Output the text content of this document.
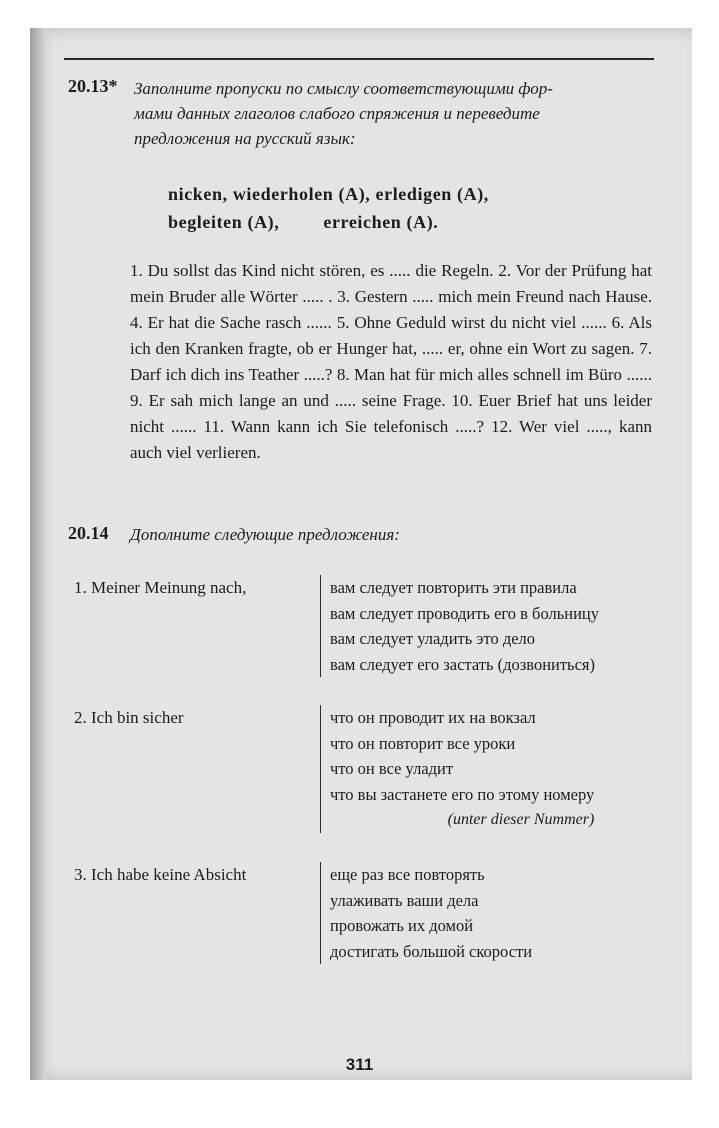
20.13* Заполните пропуски по смыслу соответствующими фор-
мами данных глаголов слабого спряжения и переведите
предложения на русский язык:
nicken,
wiederholen (A),
erledigen (A),
begleiten (A), erreichen (A).
1. Du sollst das Kind nicht stören, es ..... die Regeln. 2. Vor der Prüfung hat mein Bruder alle Wörter ..... . 3. Gestern ..... mich mein Freund nach Hause. 4. Er hat die Sache rasch ...... 5. Ohne Geduld wirst du nicht viel ...... 6. Als ich den Kranken fragte, ob er Hunger hat, ..... er, ohne ein Wort zu sagen. 7. Darf ich dich ins Teather .....? 8. Man hat für mich alles schnell im Büro ...... 9. Er sah mich lange an und ..... seine Frage. 10. Euer Brief hat uns leider nicht ...... 11. Wann kann ich Sie telefonisch .....? 12. Wer viel ....., kann auch viel verlieren.
20.14 Дополните следующие предложения:
1. Meiner Meinung nach,	вам следует повторить эти правила
вам следует проводить его в больницу
вам следует уладить это дело
вам следует его застать (дозвониться)
2. Ich bin sicher	что он проводит их на вокзал
что он повторит все уроки
что он все уладит
что вы застанете его по этому номеру
(unter dieser Nummer)
3. Ich habe keine Absicht	еще раз все повторять
улаживать ваши дела
провожать их домой
достигать большой скорости
311
